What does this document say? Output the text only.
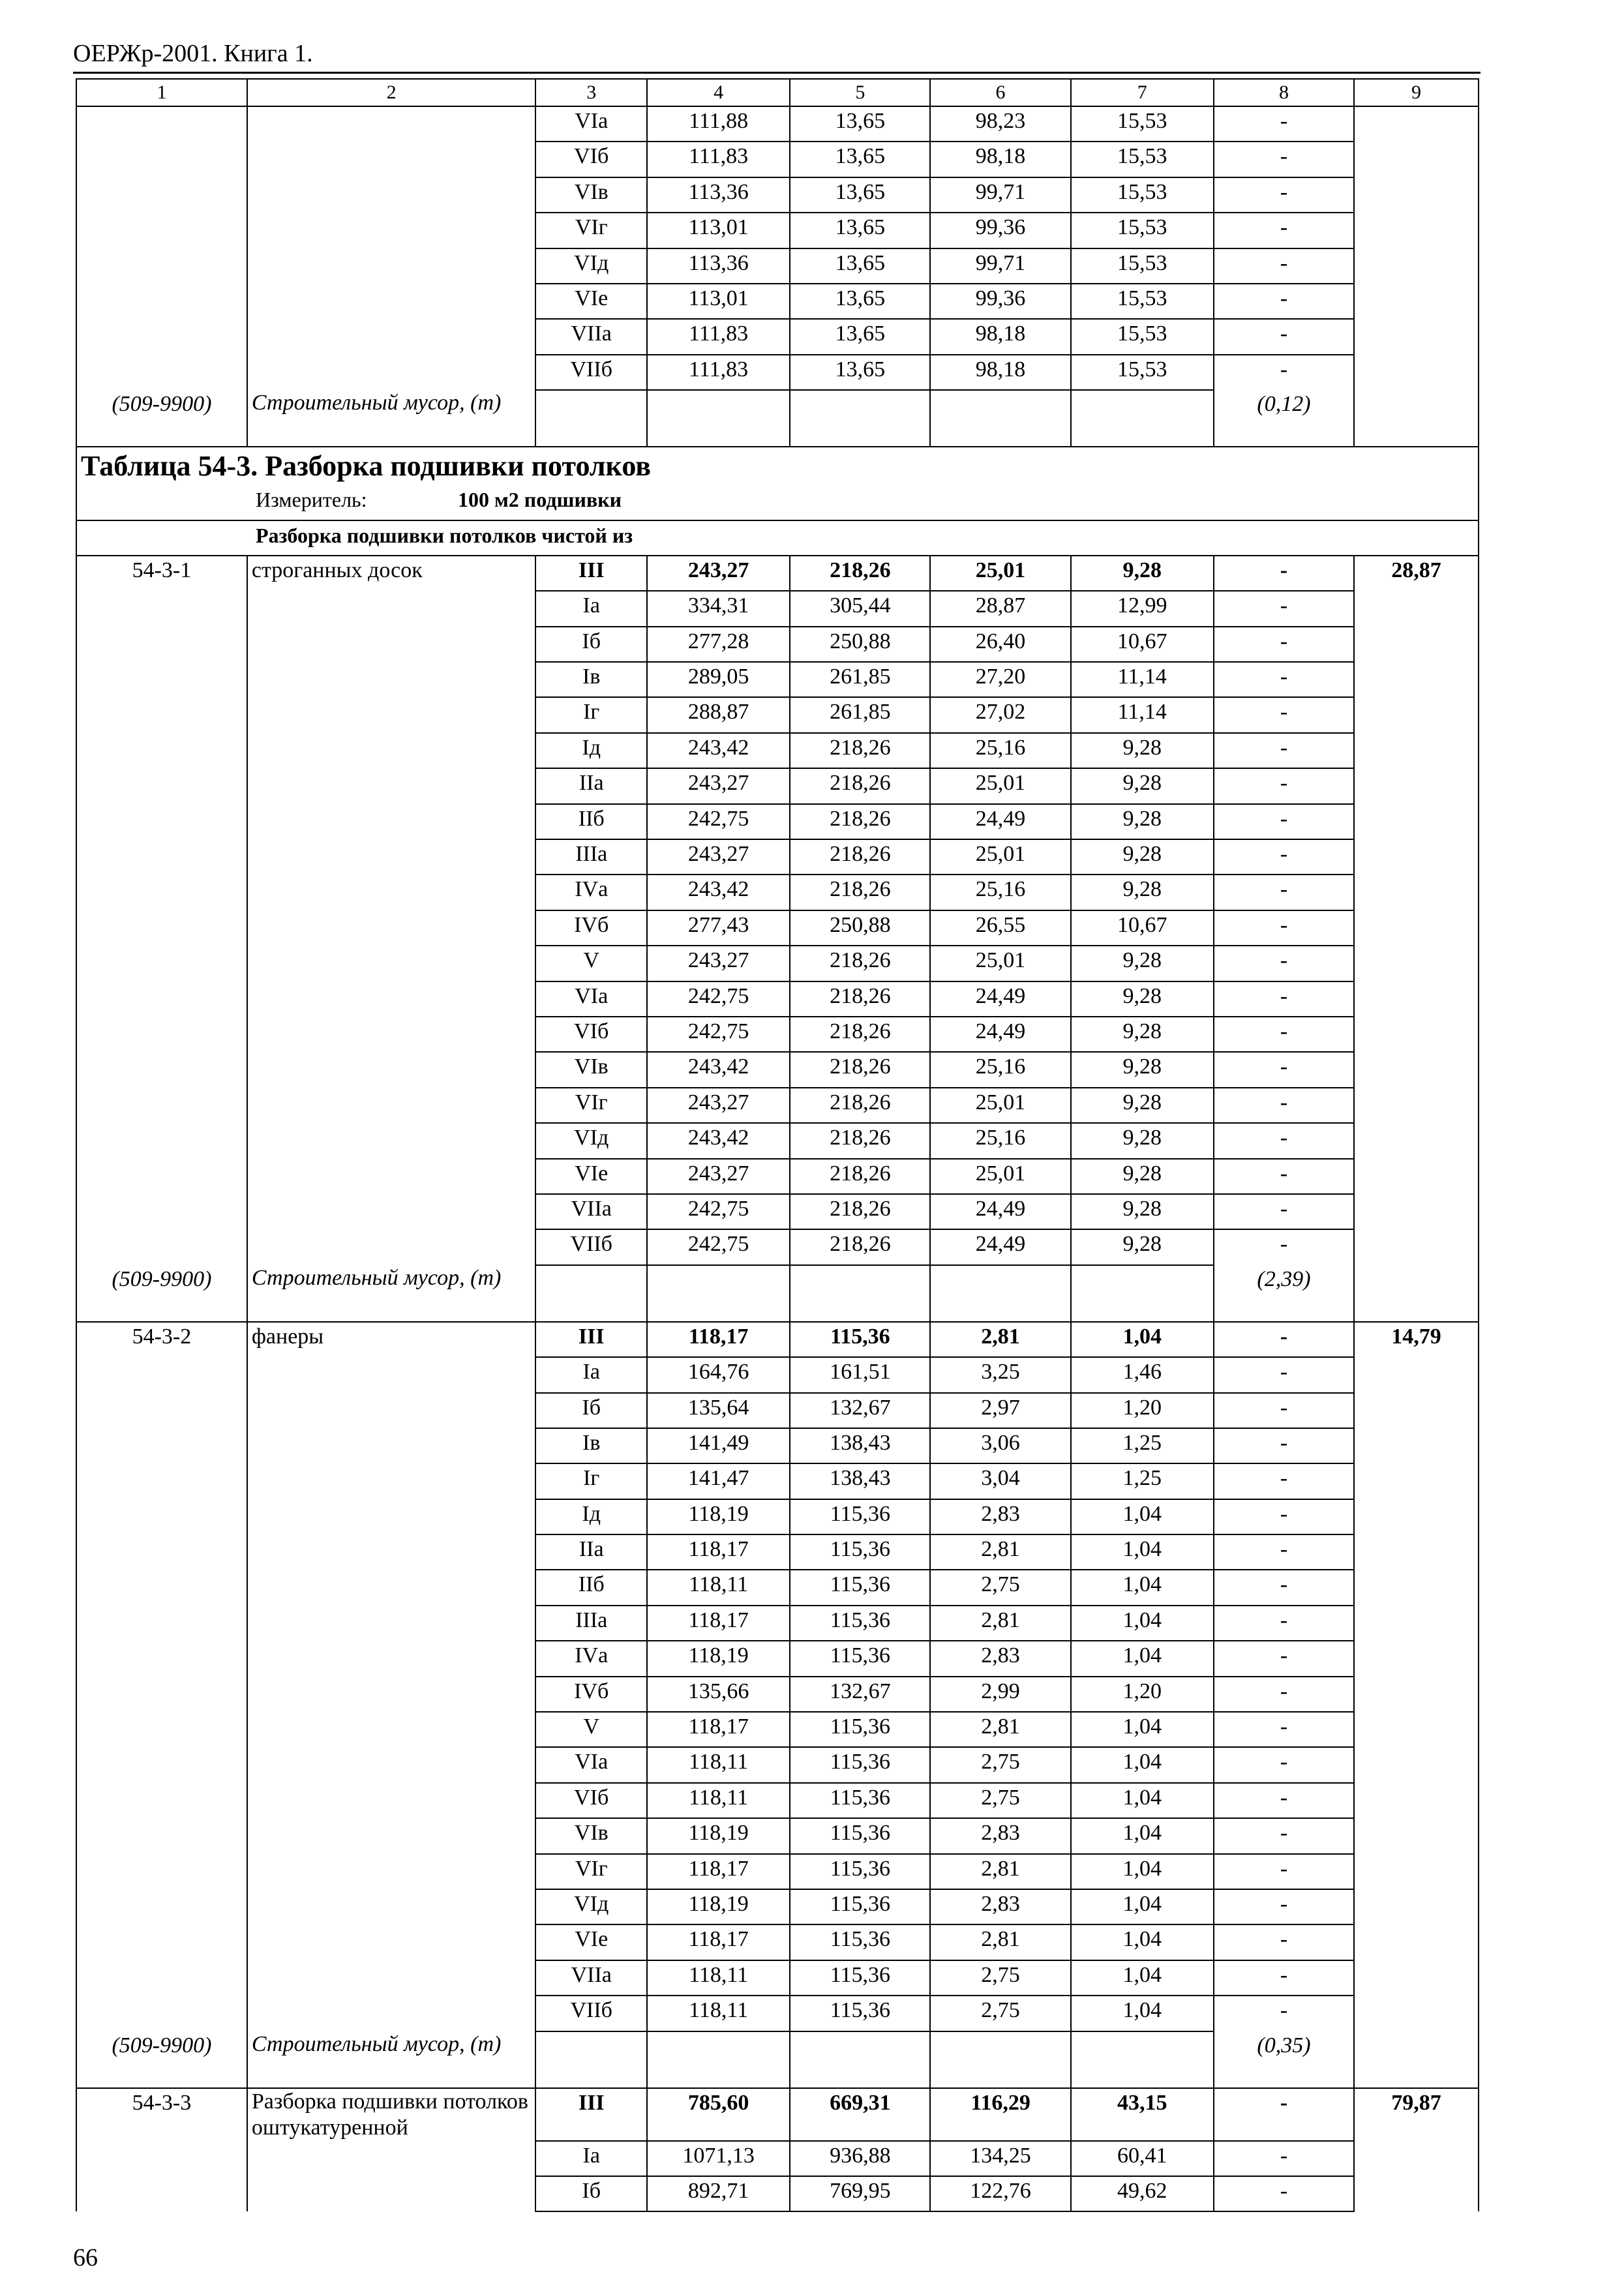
ОЕРЖр-2001. Книга 1.
1	2	3	4	5	6	7	8	9
		VIа	111,88	13,65	98,23	15,53	-	
		VIб	111,83	13,65	98,18	15,53	-	
		VIв	113,36	13,65	99,71	15,53	-	
		VIг	113,01	13,65	99,36	15,53	-	
		VIд	113,36	13,65	99,71	15,53	-	
		VIе	113,01	13,65	99,36	15,53	-	
		VIIа	111,83	13,65	98,18	15,53	-	
		VIIб	111,83	13,65	98,18	15,53	-	
(509-9900)	Строительный мусор, (т)						(0,12)	
Таблица 54-3. Разборка подшивки потолков								
Измеритель: 100 м2 подшивки								
Разборка подшивки потолков чистой из								
54-3-1	строганных досок	III	243,27	218,26	25,01	9,28	-	28,87
		Iа	334,31	305,44	28,87	12,99	-	
		Iб	277,28	250,88	26,40	10,67	-	
		Iв	289,05	261,85	27,20	11,14	-	
		Iг	288,87	261,85	27,02	11,14	-	
		Iд	243,42	218,26	25,16	9,28	-	
		IIа	243,27	218,26	25,01	9,28	-	
		IIб	242,75	218,26	24,49	9,28	-	
		IIIа	243,27	218,26	25,01	9,28	-	
		IVа	243,42	218,26	25,16	9,28	-	
		IVб	277,43	250,88	26,55	10,67	-	
		V	243,27	218,26	25,01	9,28	-	
		VIа	242,75	218,26	24,49	9,28	-	
		VIб	242,75	218,26	24,49	9,28	-	
		VIв	243,42	218,26	25,16	9,28	-	
		VIг	243,27	218,26	25,01	9,28	-	
		VIд	243,42	218,26	25,16	9,28	-	
		VIе	243,27	218,26	25,01	9,28	-	
		VIIа	242,75	218,26	24,49	9,28	-	
		VIIб	242,75	218,26	24,49	9,28	-	
(509-9900)	Строительный мусор, (т)						(2,39)	
54-3-2	фанеры	III	118,17	115,36	2,81	1,04	-	14,79
		Iа	164,76	161,51	3,25	1,46	-	
		Iб	135,64	132,67	2,97	1,20	-	
		Iв	141,49	138,43	3,06	1,25	-	
		Iг	141,47	138,43	3,04	1,25	-	
		Iд	118,19	115,36	2,83	1,04	-	
		IIа	118,17	115,36	2,81	1,04	-	
		IIб	118,11	115,36	2,75	1,04	-	
		IIIа	118,17	115,36	2,81	1,04	-	
		IVа	118,19	115,36	2,83	1,04	-	
		IVб	135,66	132,67	2,99	1,20	-	
		V	118,17	115,36	2,81	1,04	-	
		VIа	118,11	115,36	2,75	1,04	-	
		VIб	118,11	115,36	2,75	1,04	-	
		VIв	118,19	115,36	2,83	1,04	-	
		VIг	118,17	115,36	2,81	1,04	-	
		VIд	118,19	115,36	2,83	1,04	-	
		VIе	118,17	115,36	2,81	1,04	-	
		VIIа	118,11	115,36	2,75	1,04	-	
		VIIб	118,11	115,36	2,75	1,04	-	
(509-9900)	Строительный мусор, (т)						(0,35)	
54-3-3	Разборка подшивки потолков оштукатуренной	III	785,60	669,31	116,29	43,15	-	79,87
		Iа	1071,13	936,88	134,25	60,41	-	
		Iб	892,71	769,95	122,76	49,62	-	
66
